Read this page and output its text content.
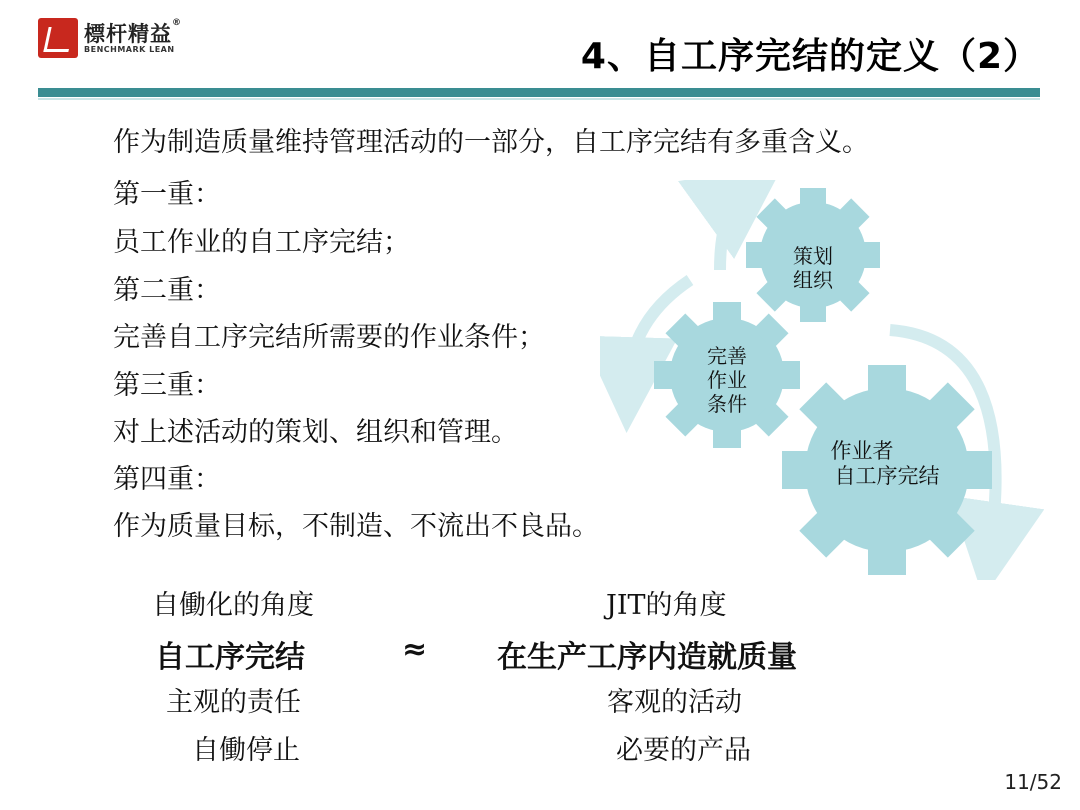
標杆精益®
BENCHMARK LEAN	4、自工序完结的定义（2）
作为制造质量维持管理活动的一部分，自工序完结有多重含义。
第一重：
员工作业的自工序完结；
第二重：
完善自工序完结所需要的作业条件；
第三重：
对上述活动的策划、组织和管理。
第四重：
作为质量目标，不制造、不流出不良品。
策划
组织
完善
作业
条件
作业者
自工序完结
自働化的角度	JIT的角度
自工序完结	≈ 在生产工序内造就质量
主观的责任	客观的活动
自働停止	必要的产品
11/52
